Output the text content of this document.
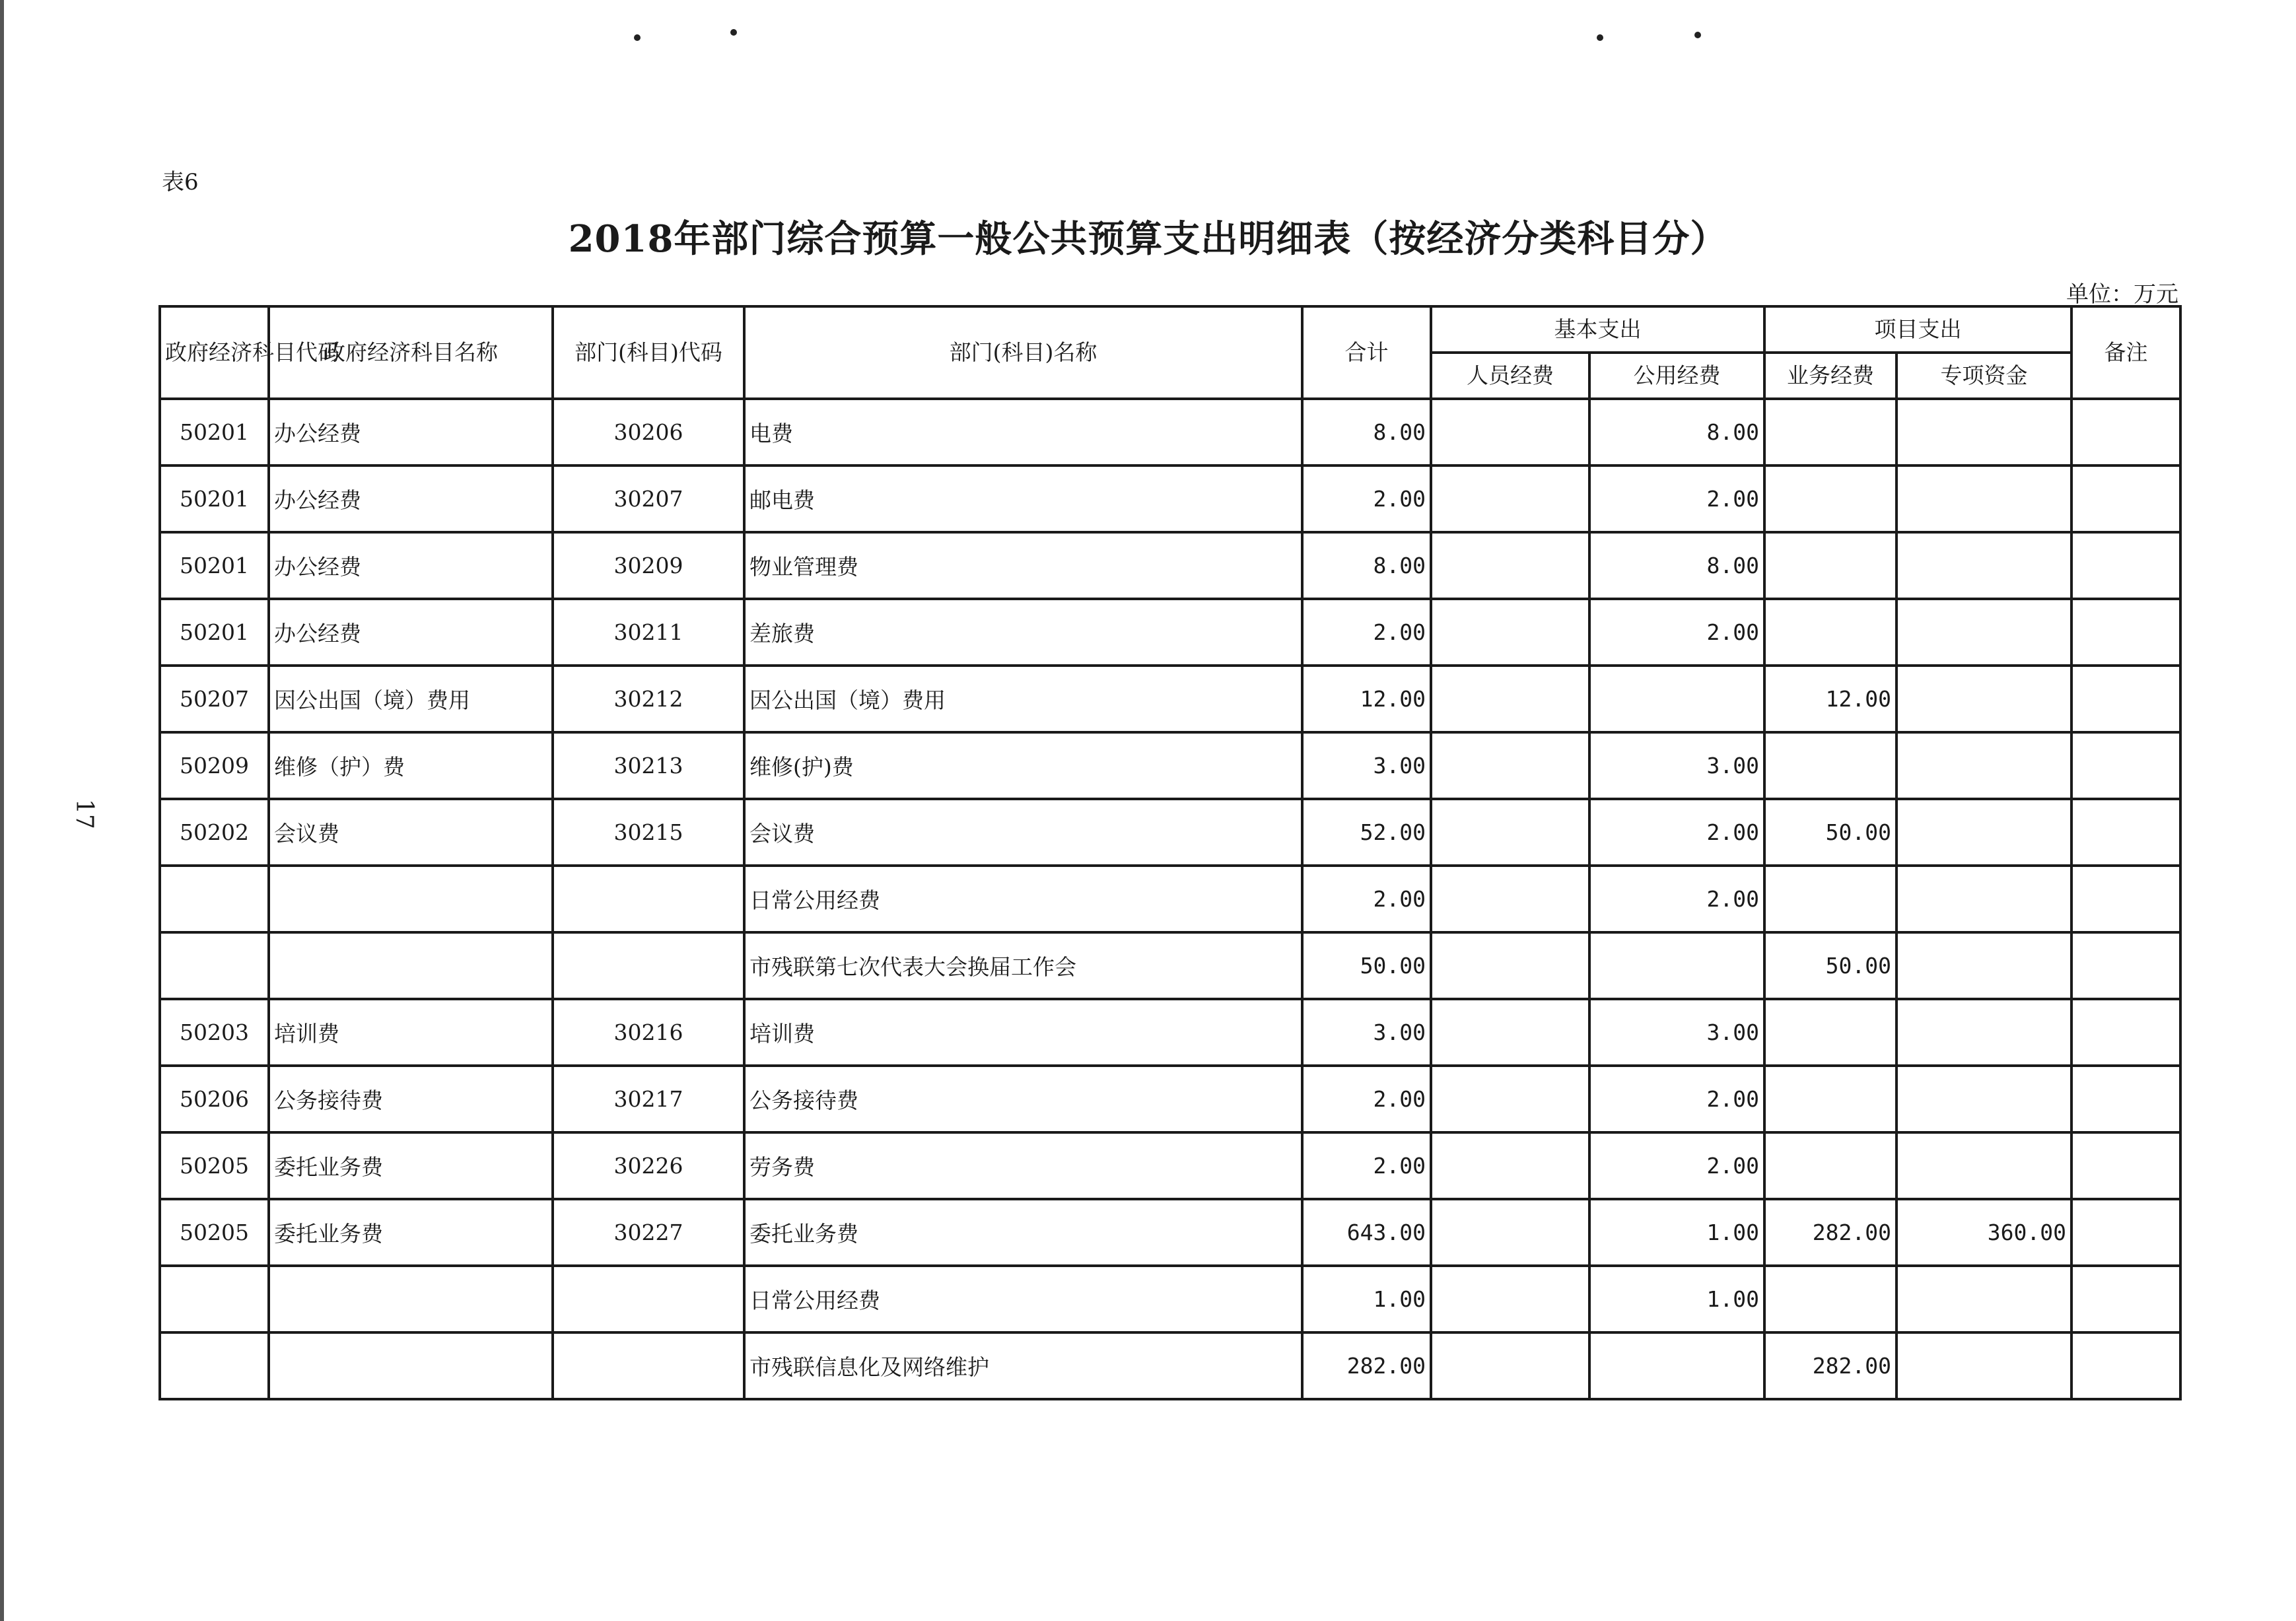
表6
2018年部门综合预算一般公共预算支出明细表（按经济分类科目分）
单位：万元
17
政府经济科目代码	政府经济科目名称	部门(科目)代码	部门(科目)名称	合计	基本支出		项目支出		备注
					人员经费	公用经费	业务经费	专项资金	
50201	办公经费	30206	电费	8.00		8.00			
50201	办公经费	30207	邮电费	2.00		2.00			
50201	办公经费	30209	物业管理费	8.00		8.00			
50201	办公经费	30211	差旅费	2.00		2.00			
50207	因公出国（境）费用	30212	因公出国（境）费用	12.00			12.00		
50209	维修（护）费	30213	维修(护)费	3.00		3.00			
50202	会议费	30215	会议费	52.00		2.00	50.00		
			日常公用经费	2.00		2.00			
			市残联第七次代表大会换届工作会	50.00			50.00		
50203	培训费	30216	培训费	3.00		3.00			
50206	公务接待费	30217	公务接待费	2.00		2.00			
50205	委托业务费	30226	劳务费	2.00		2.00			
50205	委托业务费	30227	委托业务费	643.00		1.00	282.00	360.00	
			日常公用经费	1.00		1.00			
			市残联信息化及网络维护	282.00			282.00		
